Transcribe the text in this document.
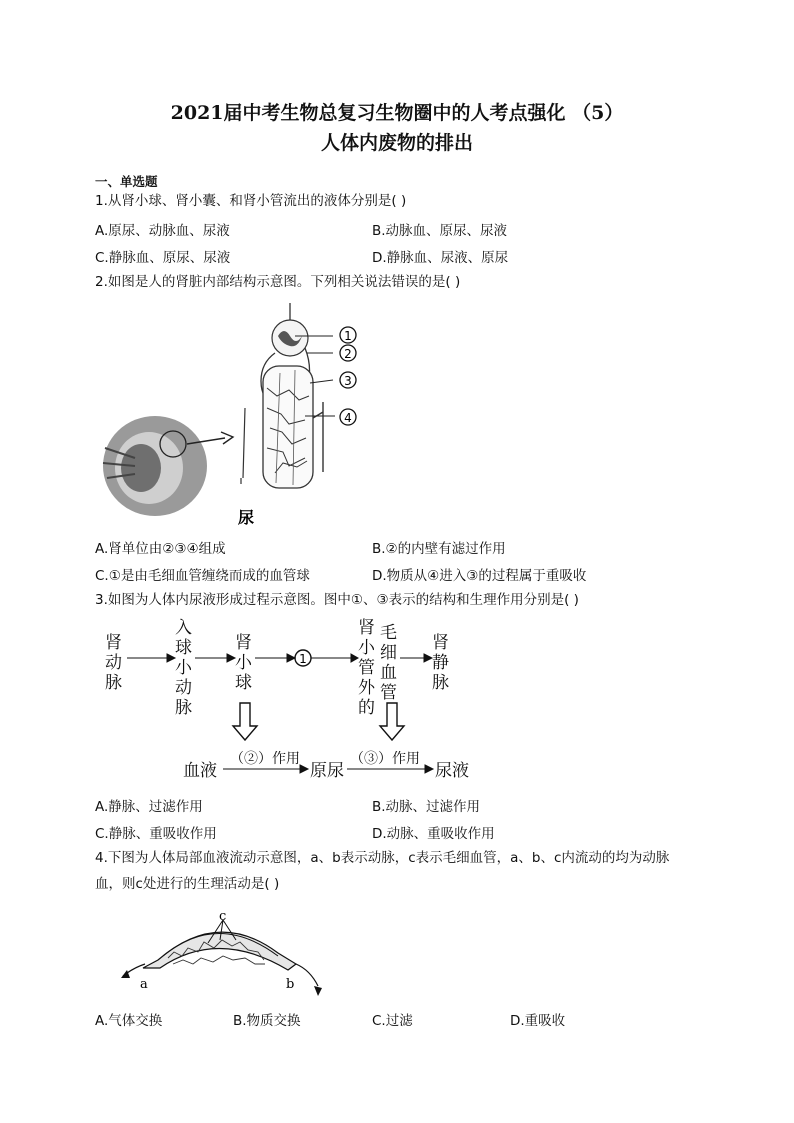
2021届中考生物总复习生物圈中的人考点强化 （5）
人体内废物的排出
一、单选题
1.从肾小球、肾小囊、和肾小管流出的液体分别是( )
A.原尿、动脉血、尿液	B.动脉血、原尿、尿液
C.静脉血、原尿、尿液	D.静脉血、尿液、原尿
2.如图是人的肾脏内部结构示意图。下列相关说法错误的是( )
1
2
3
4
尿
A.肾单位由②③④组成	B.②的内壁有滤过作用
C.①是由毛细血管缠绕而成的血管球	D.物质从④进入③的过程属于重吸收
3.如图为人体内尿液形成过程示意图。图中①、③表示的结构和生理作用分别是( )
肾
动
脉
入
球
小
动
脉
肾
小
球
肾
小
管
外
的
毛
细
血
管
肾
静
脉
1
血液	原尿	尿液
（②）作用	（③）作用
A.静脉、过滤作用	B.动脉、过滤作用
C.静脉、重吸收作用	D.动脉、重吸收作用
4.下图为人体局部血液流动示意图，a、b表示动脉，c表示毛细血管，a、b、c内流动的均为动脉
血，则c处进行的生理活动是( )
c
a	b
A.气体交换	B.物质交换	C.过滤	D.重吸收
